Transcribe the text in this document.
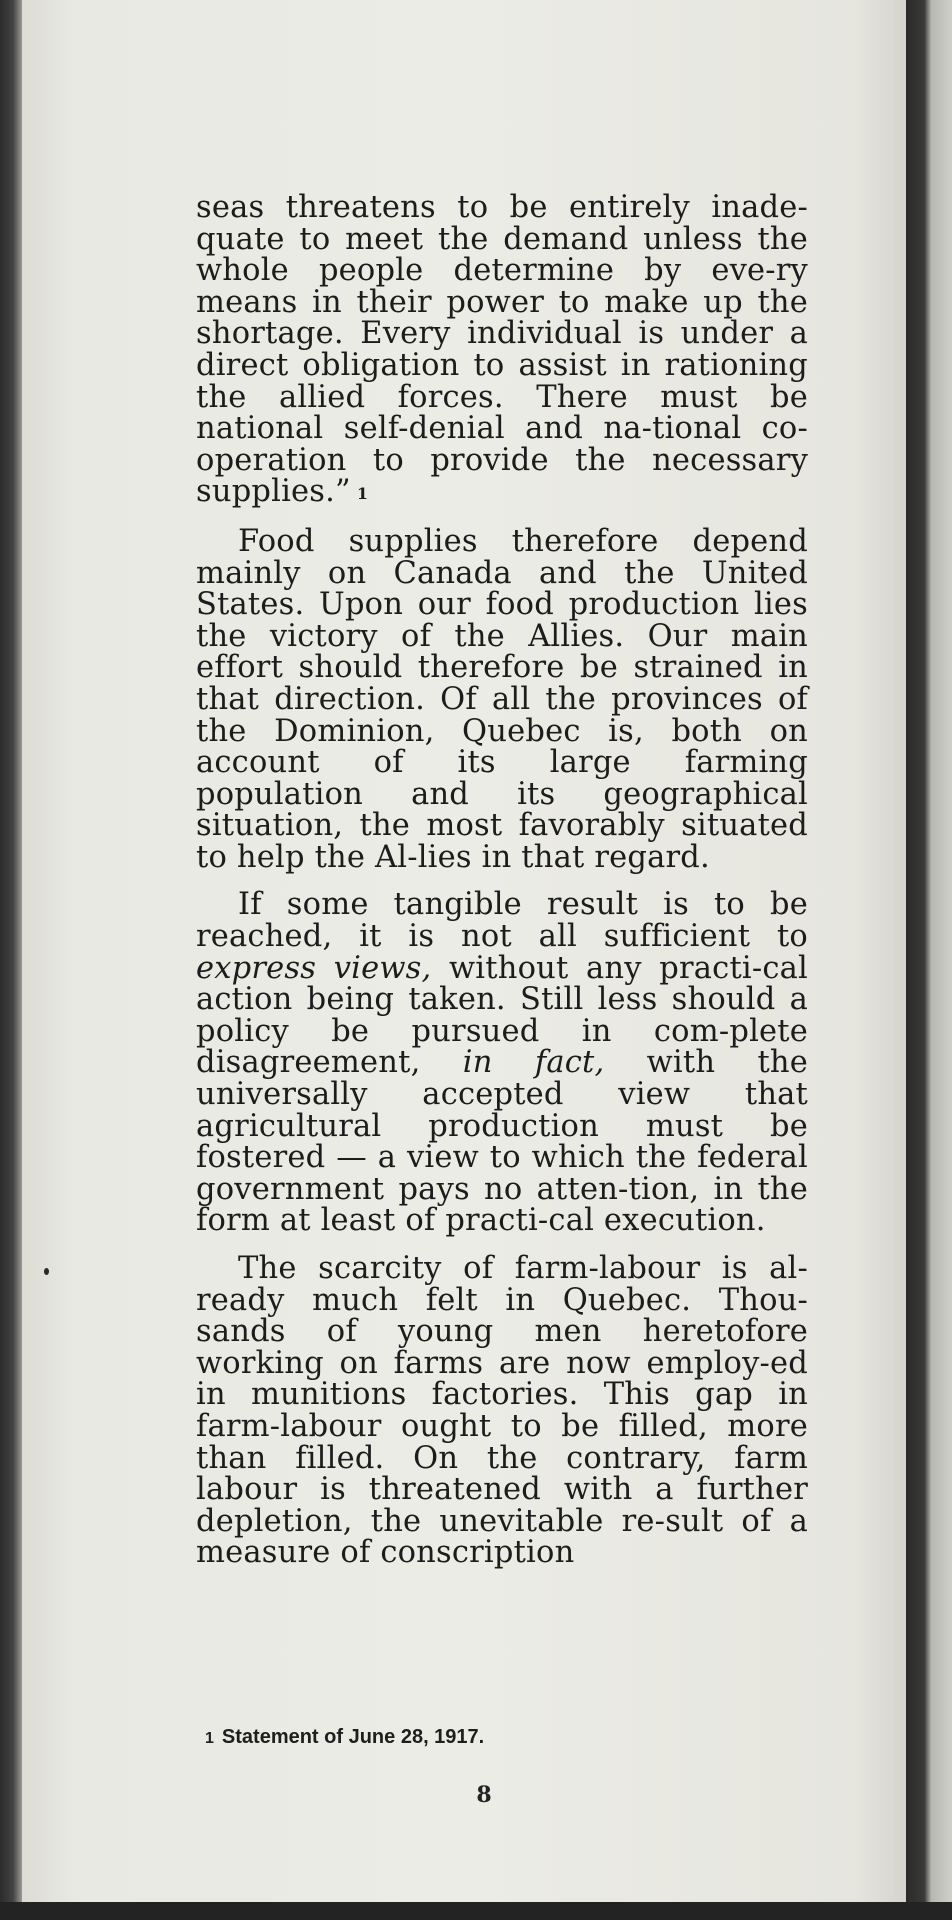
seas threatens to be entirely inade-quate to meet the demand unless the whole people determine by eve-ry means in their power to make up the shortage. Every individual is under a direct obligation to assist in rationing the allied forces. There must be national self-denial and na-tional co-operation to provide the necessary supplies.” 1

Food supplies therefore depend mainly on Canada and the United States. Upon our food production lies the victory of the Allies. Our main effort should therefore be strained in that direction. Of all the provinces of the Dominion, Quebec is, both on account of its large farming population and its geographical situation, the most favorably situated to help the Al-lies in that regard.

If some tangible result is to be reached, it is not all sufficient to express views, without any practi-cal action being taken. Still less should a policy be pursued in com-plete disagreement, in fact, with the universally accepted view that agricultural production must be fostered — a view to which the federal government pays no atten-tion, in the form at least of practi-cal execution.

The scarcity of farm-labour is al-ready much felt in Quebec. Thou-sands of young men heretofore working on farms are now employ-ed in munitions factories. This gap in farm-labour ought to be filled, more than filled. On the contrary, farm labour is threatened with a further depletion, the unevitable re-sult of a measure of conscription

1 Statement of June 28, 1917.
8
